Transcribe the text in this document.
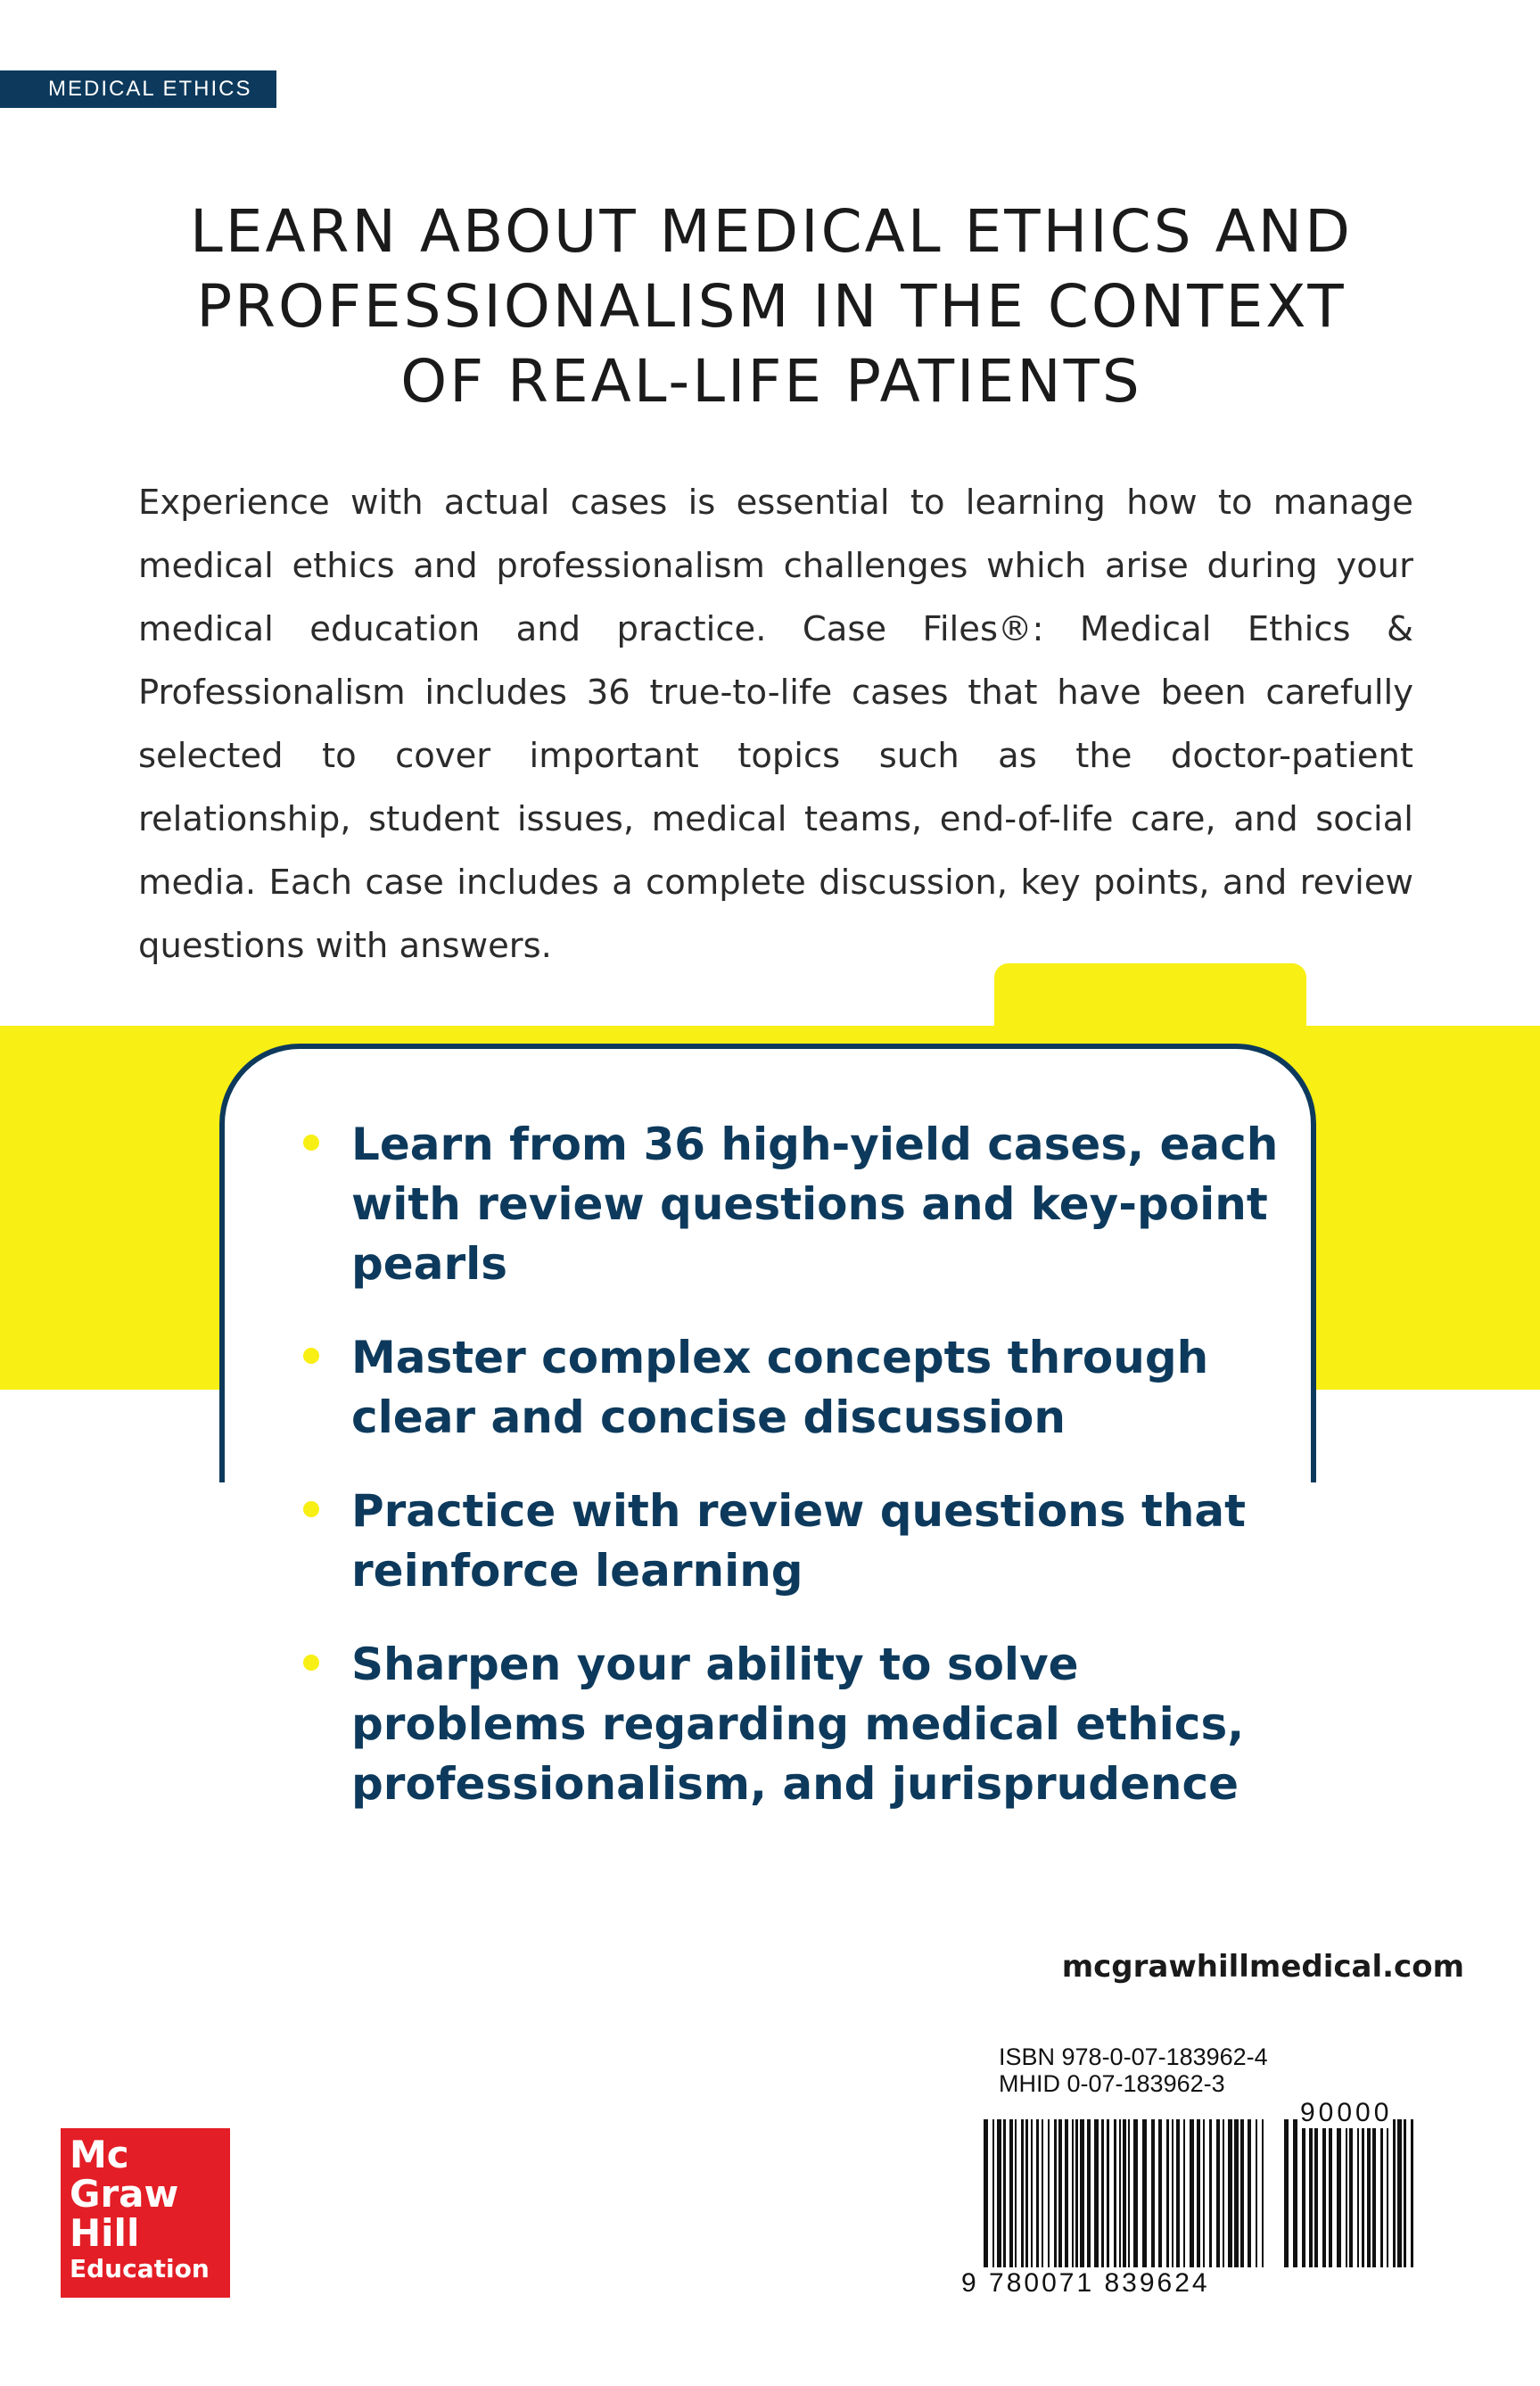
MEDICAL ETHICS
LEARN ABOUT MEDICAL ETHICS AND
PROFESSIONALISM IN THE CONTEXT
OF REAL-LIFE PATIENTS
Experience with actual cases is essential to learning how to manage medical ethics and professionalism challenges which arise during your medical education and practice. Case Files®: Medical Ethics & Professionalism includes 36 true-to-life cases that have been carefully selected to cover important topics such as the doctor-patient relationship, student issues, medical teams, end-of-life care, and social media. Each case includes a complete discussion, key points, and review questions with answers.
Learn from 36 high-yield cases, each with review questions and key-point pearls
Master complex concepts through clear and concise discussion
Practice with review questions that reinforce learning
Sharpen your ability to solve problems regarding medical ethics, professionalism, and jurisprudence
mcgrawhillmedical.com
ISBN 978-0-07-183962-4
MHID 0-07-183962-3
90000
9 780071 839624
Mc
Graw
Hill
Education
